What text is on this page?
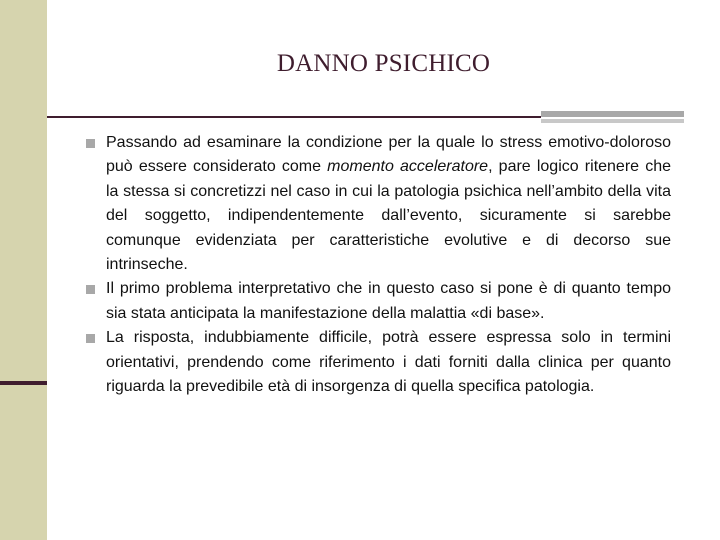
DANNO PSICHICO

Passando ad esaminare la condizione per la quale lo stress emotivo-doloroso può essere considerato come momento acceleratore, pare logico ritenere che la stessa si concretizzi nel caso in cui la patologia psichica nell’ambito della vita del soggetto, indipendentemente dall’evento, sicuramente si sarebbe comunque evidenziata per caratteristiche evolutive e di decorso sue intrinseche.

Il primo problema interpretativo che in questo caso si pone è di quanto tempo sia stata anticipata la manifestazione della malattia «di base».

La risposta, indubbiamente difficile, potrà essere espressa solo in termini orientativi, prendendo come riferimento i dati forniti dalla clinica per quanto riguarda la prevedibile età di insorgenza di quella specifica patologia.
